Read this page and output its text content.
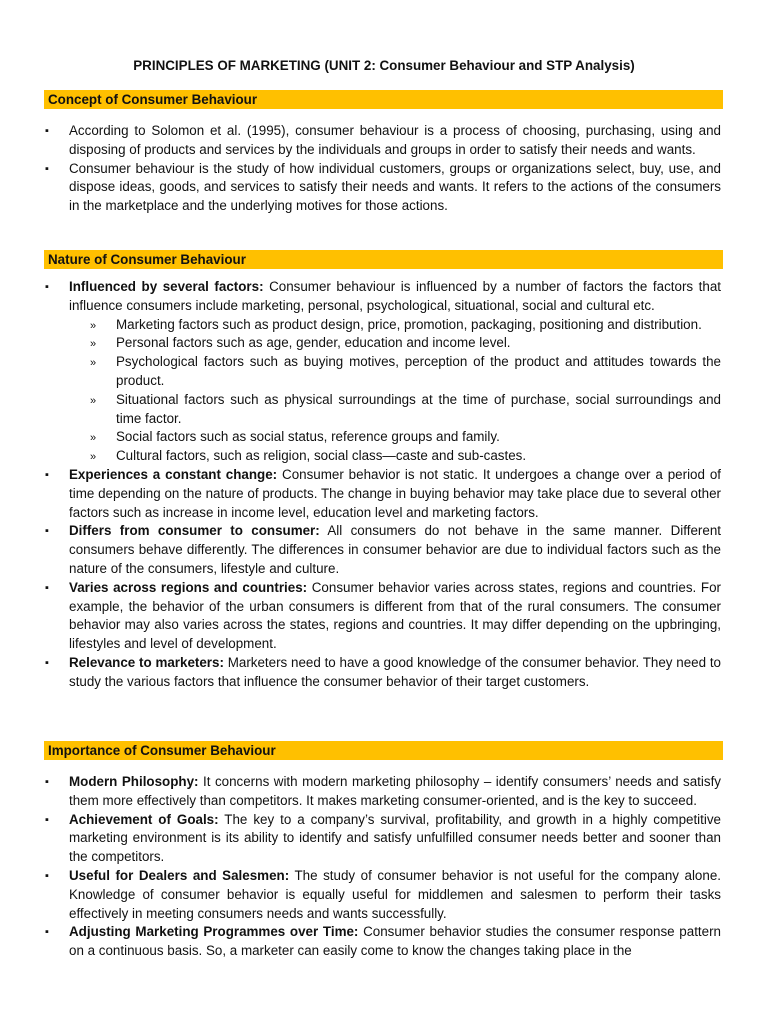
PRINCIPLES OF MARKETING (UNIT 2: Consumer Behaviour and STP Analysis)
Concept of Consumer Behaviour
▪ According to Solomon et al. (1995), consumer behaviour is a process of choosing, purchasing, using and disposing of products and services by the individuals and groups in order to satisfy their needs and wants.
▪ Consumer behaviour is the study of how individual customers, groups or organizations select, buy, use, and dispose ideas, goods, and services to satisfy their needs and wants. It refers to the actions of the consumers in the marketplace and the underlying motives for those actions.
Nature of Consumer Behaviour
▪ Influenced by several factors: Consumer behaviour is influenced by a number of factors the factors that influence consumers include marketing, personal, psychological, situational, social and cultural etc.
» Marketing factors such as product design, price, promotion, packaging, positioning and distribution.
» Personal factors such as age, gender, education and income level.
» Psychological factors such as buying motives, perception of the product and attitudes towards the product.
» Situational factors such as physical surroundings at the time of purchase, social surroundings and time factor.
» Social factors such as social status, reference groups and family.
» Cultural factors, such as religion, social class—caste and sub-castes.
▪ Experiences a constant change: Consumer behavior is not static. It undergoes a change over a period of time depending on the nature of products. The change in buying behavior may take place due to several other factors such as increase in income level, education level and marketing factors.
▪ Differs from consumer to consumer: All consumers do not behave in the same manner. Different consumers behave differently. The differences in consumer behavior are due to individual factors such as the nature of the consumers, lifestyle and culture.
▪ Varies across regions and countries: Consumer behavior varies across states, regions and countries. For example, the behavior of the urban consumers is different from that of the rural consumers. The consumer behavior may also varies across the states, regions and countries. It may differ depending on the upbringing, lifestyles and level of development.
▪ Relevance to marketers: Marketers need to have a good knowledge of the consumer behavior. They need to study the various factors that influence the consumer behavior of their target customers.
Importance of Consumer Behaviour
▪ Modern Philosophy: It concerns with modern marketing philosophy – identify consumers’ needs and satisfy them more effectively than competitors. It makes marketing consumer-oriented, and is the key to succeed.
▪ Achievement of Goals: The key to a company’s survival, profitability, and growth in a highly competitive marketing environment is its ability to identify and satisfy unfulfilled consumer needs better and sooner than the competitors.
▪ Useful for Dealers and Salesmen: The study of consumer behavior is not useful for the company alone. Knowledge of consumer behavior is equally useful for middlemen and salesmen to perform their tasks effectively in meeting consumers needs and wants successfully.
▪ Adjusting Marketing Programmes over Time: Consumer behavior studies the consumer response pattern on a continuous basis. So, a marketer can easily come to know the changes taking place in the
